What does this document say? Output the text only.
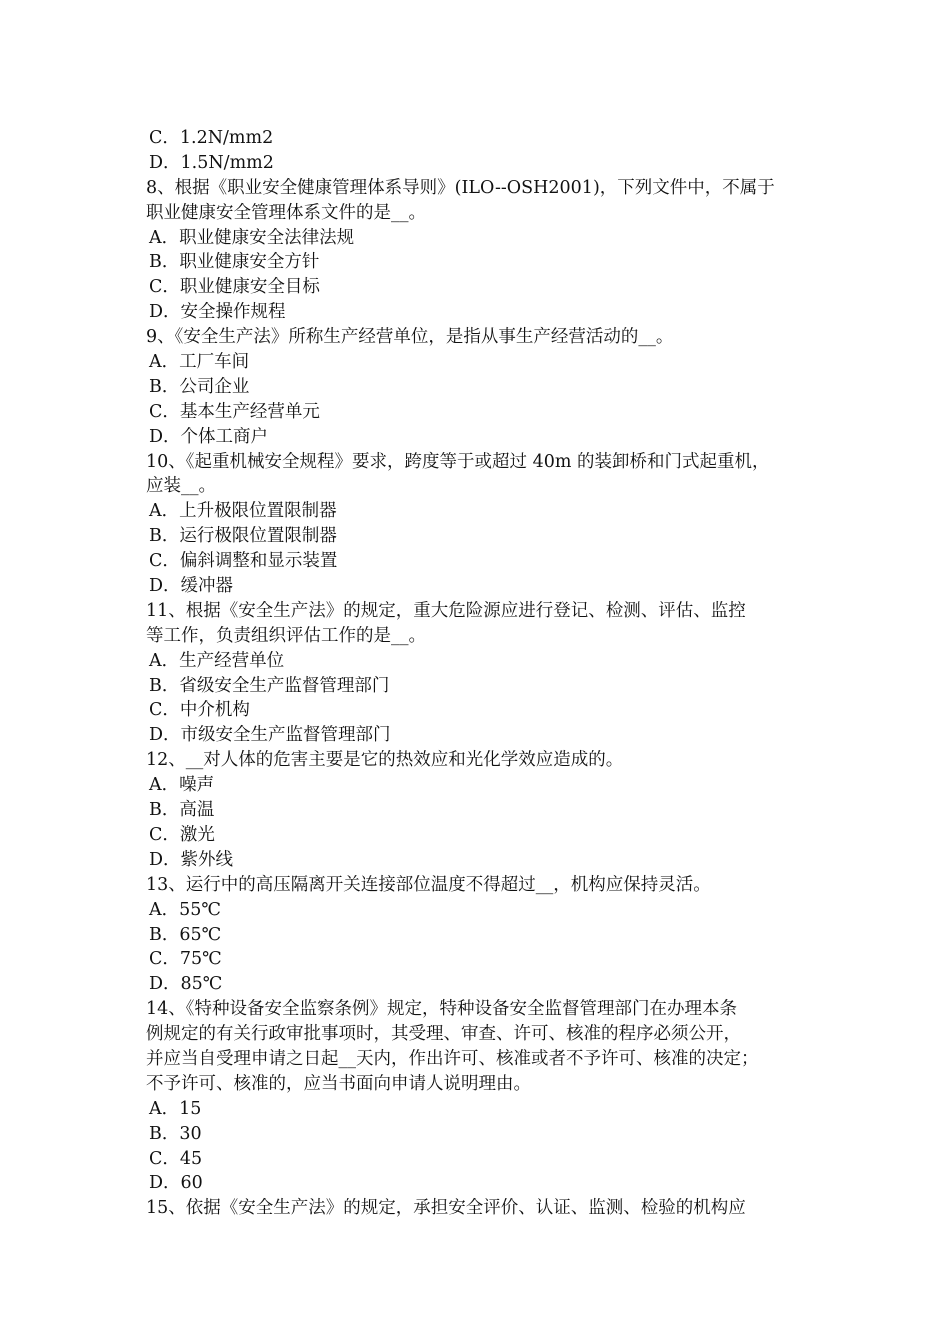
C．1.2N/mm2
D．1.5N/mm2
8、根据《职业安全健康管理体系导则》(ILO--OSH2001)，下列文件中，不属于
职业健康安全管理体系文件的是__。
A．职业健康安全法律法规
B．职业健康安全方针
C．职业健康安全目标
D．安全操作规程
9、《安全生产法》所称生产经营单位，是指从事生产经营活动的__。
A．工厂车间
B．公司企业
C．基本生产经营单元
D．个体工商户
10、《起重机械安全规程》要求，跨度等于或超过 40m 的装卸桥和门式起重机，
应装__。
A．上升极限位置限制器
B．运行极限位置限制器
C．偏斜调整和显示装置
D．缓冲器
11、根据《安全生产法》的规定，重大危险源应进行登记、检测、评估、监控
等工作，负责组织评估工作的是__。
A．生产经营单位
B．省级安全生产监督管理部门
C．中介机构
D．市级安全生产监督管理部门
12、__对人体的危害主要是它的热效应和光化学效应造成的。
A．噪声
B．高温
C．激光
D．紫外线
13、运行中的高压隔离开关连接部位温度不得超过__，机构应保持灵活。
A．55℃
B．65℃
C．75℃
D．85℃
14、《特种设备安全监察条例》规定，特种设备安全监督管理部门在办理本条
例规定的有关行政审批事项时，其受理、审查、许可、核准的程序必须公开，
并应当自受理申请之日起__天内，作出许可、核准或者不予许可、核准的决定；
不予许可、核准的，应当书面向申请人说明理由。
A．15
B．30
C．45
D．60
15、依据《安全生产法》的规定，承担安全评价、认证、监测、检验的机构应
